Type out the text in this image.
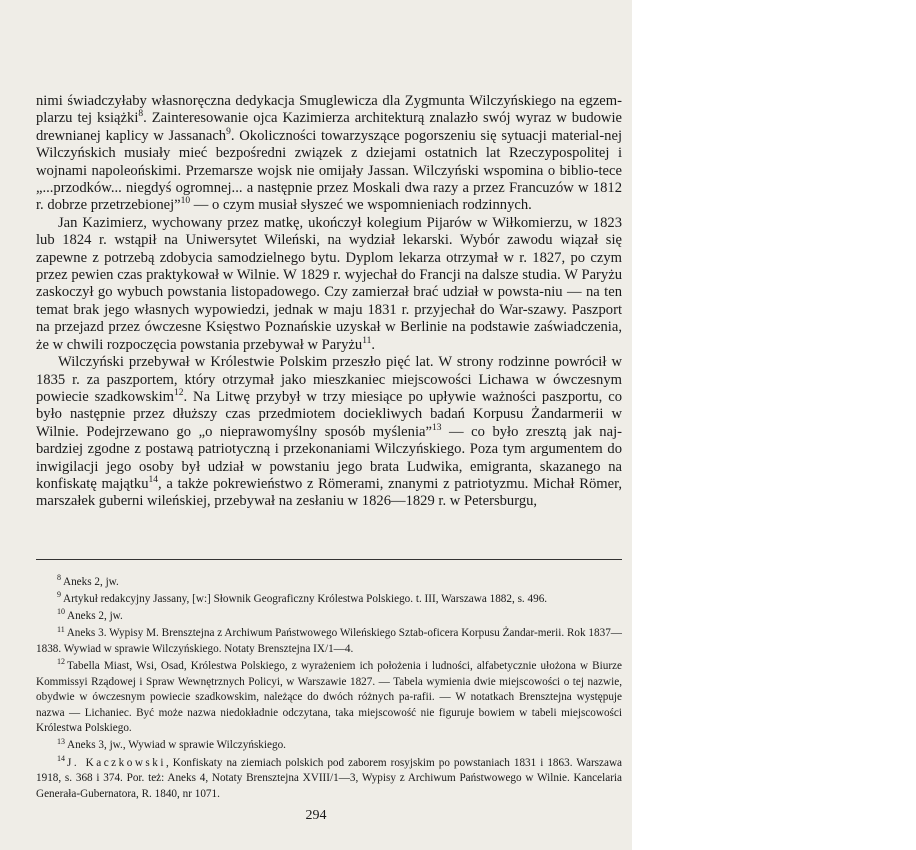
nimi świadczyłaby własnoręczna dedykacja Smuglewicza dla Zygmunta Wilczyńskiego na egzem-plarzu tej książki$^8$. Zainteresowanie ojca Kazimierza architekturą znalazło swój wyraz w budowie drewnianej kaplicy w Jassanach$^9$. Okoliczności towarzyszące pogorszeniu się sytuacji material-nej Wilczyńskich musiały mieć bezpośredni związek z dziejami ostatnich lat Rzeczypospolitej i wojnami napoleońskimi. Przemarsze wojsk nie omijały Jassan. Wilczyński wspomina o biblio-tece „...przodków... niegdyś ogromnej... a następnie przez Moskali dwa razy a przez Francuzów w 1812 r. dobrze przetrzebionej”$^{10}$ — o czym musiał słyszeć we wspomnieniach rodzinnych.

Jan Kazimierz, wychowany przez matkę, ukończył kolegium Pijarów w Wiłkomierzu, w 1823 lub 1824 r. wstąpił na Uniwersytet Wileński, na wydział lekarski. Wybór zawodu wiązał się zapewne z potrzebą zdobycia samodzielnego bytu. Dyplom lekarza otrzymał w r. 1827, po czym przez pewien czas praktykował w Wilnie. W 1829 r. wyjechał do Francji na dalsze studia. W Paryżu zaskoczył go wybuch powstania listopadowego. Czy zamierzał brać udział w powsta-niu — na ten temat brak jego własnych wypowiedzi, jednak w maju 1831 r. przyjechał do War-szawy. Paszport na przejazd przez ówczesne Księstwo Poznańskie uzyskał w Berlinie na podstawie zaświadczenia, że w chwili rozpoczęcia powstania przebywał w Paryżu$^{11}$.

Wilczyński przebywał w Królestwie Polskim przeszło pięć lat. W strony rodzinne powrócił w 1835 r. za paszportem, który otrzymał jako mieszkaniec miejscowości Lichawa w ówczesnym powiecie szadkowskim$^{12}$. Na Litwę przybył w trzy miesiące po upływie ważności paszportu, co było następnie przez dłuższy czas przedmiotem dociekliwych badań Korpusu Żandarmerii w Wilnie. Podejrzewano go „o nieprawomyślny sposób myślenia”$^{13}$ — co było zresztą jak naj-bardziej zgodne z postawą patriotyczną i przekonaniami Wilczyńskiego. Poza tym argumentem do inwigilacji jego osoby był udział w powstaniu jego brata Ludwika, emigranta, skazanego na konfiskatę majątku$^{14}$, a także pokrewieństwo z Römerami, znanymi z patriotyzmu. Michał Römer, marszałek guberni wileńskiej, przebywał na zesłaniu w 1826—1829 r. w Petersburgu,

$^8$ Aneks 2, jw.

$^9$ Artykuł redakcyjny Jassany, [w:] Słownik Geograficzny Królestwa Polskiego. t. III, Warszawa 1882, s. 496.

$^{10}$ Aneks 2, jw.

$^{11}$ Aneks 3. Wypisy M. Brensztejna z Archiwum Państwowego Wileńskiego Sztab-oficera Korpusu Żandar-merii. Rok 1837—1838. Wywiad w sprawie Wilczyńskiego. Notaty Brensztejna IX/1—4.

$^{12}$ Tabella Miast, Wsi, Osad, Królestwa Polskiego, z wyrażeniem ich położenia i ludności, alfabetycznie ułożona w Biurze Kommissyi Rządowej i Spraw Wewnętrznych Policyi, w Warszawie 1827. — Tabela wymienia dwie miejscowości o tej nazwie, obydwie w ówczesnym powiecie szadkowskim, należące do dwóch różnych pa-rafii. — W notatkach Brensztejna występuje nazwa — Lichaniec. Być może nazwa niedokładnie odczytana, taka miejscowość nie figuruje bowiem w tabeli miejscowości Królestwa Polskiego.

$^{13}$ Aneks 3, jw., Wywiad w sprawie Wilczyńskiego.

$^{14}$ J. Kaczkowski, Konfiskaty na ziemiach polskich pod zaborem rosyjskim po powstaniach 1831 i 1863. Warszawa 1918, s. 368 i 374. Por. też: Aneks 4, Notaty Brensztejna XVIII/1—3, Wypisy z Archiwum Państwowego w Wilnie. Kancelaria Generała-Gubernatora, R. 1840, nr 1071.

294
